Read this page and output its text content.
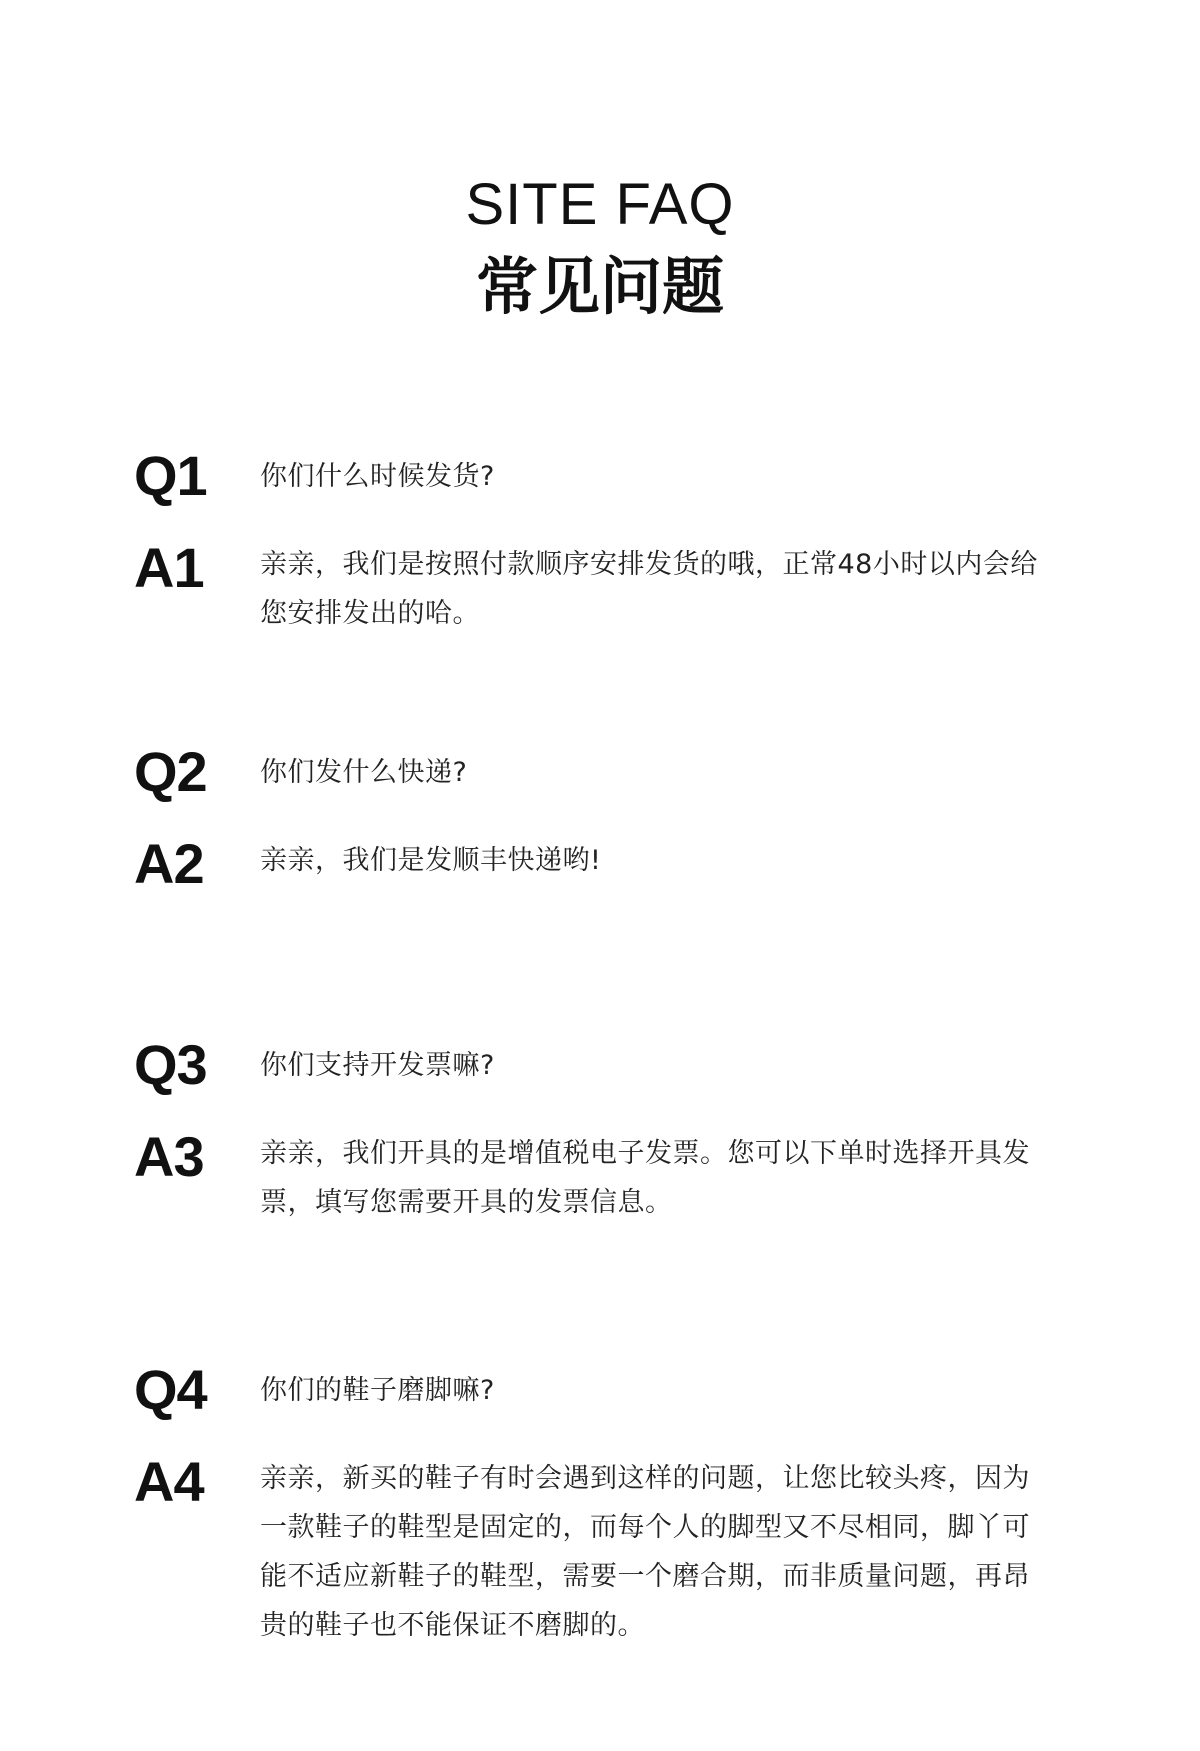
SITE FAQ
常见问题
Q1 你们什么时候发货?
A1 亲亲，我们是按照付款顺序安排发货的哦，正常48小时以内会给您安排发出的哈。
Q2 你们发什么快递?
A2 亲亲，我们是发顺丰快递哟!
Q3 你们支持开发票嘛?
A3 亲亲，我们开具的是增值税电子发票。您可以下单时选择开具发票，填写您需要开具的发票信息。
Q4 你们的鞋子磨脚嘛?
A4 亲亲，新买的鞋子有时会遇到这样的问题，让您比较头疼，因为一款鞋子的鞋型是固定的，而每个人的脚型又不尽相同，脚丫可能不适应新鞋子的鞋型，需要一个磨合期，而非质量问题，再昂贵的鞋子也不能保证不磨脚的。
